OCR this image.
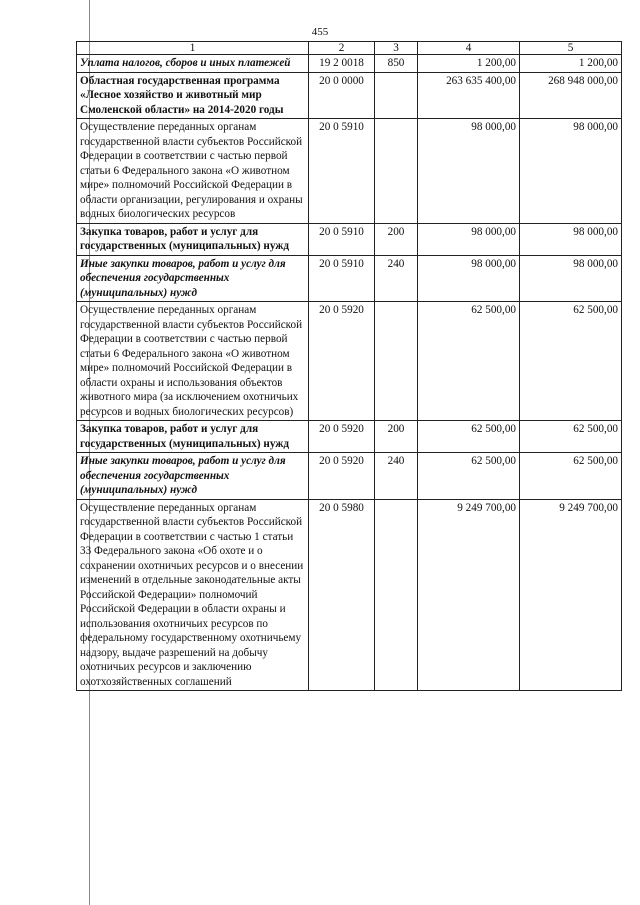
455
1	2	3	4	5
Уплата налогов, сборов и иных платежей	19 2 0018	850	1 200,00	1 200,00
Областная государственная программа «Лесное хозяйство и животный мир Смоленской области» на 2014-2020 годы	20 0 0000		263 635 400,00	268 948 000,00
Осуществление переданных органам государственной власти субъектов Российской Федерации в соответствии с частью первой статьи 6 Федерального закона «О животном мире» полномочий Российской Федерации в области организации, регулирования и охраны водных биологических ресурсов	20 0 5910		98 000,00	98 000,00
Закупка товаров, работ и услуг для государственных (муниципальных) нужд	20 0 5910	200	98 000,00	98 000,00
Иные закупки товаров, работ и услуг для обеспечения государственных (муниципальных) нужд	20 0 5910	240	98 000,00	98 000,00
Осуществление переданных органам государственной власти субъектов Российской Федерации в соответствии с частью первой статьи 6 Федерального закона «О животном мире» полномочий Российской Федерации в области охраны и использования объектов животного мира (за исключением охотничьих ресурсов и водных биологических ресурсов)	20 0 5920		62 500,00	62 500,00
Закупка товаров, работ и услуг для государственных (муниципальных) нужд	20 0 5920	200	62 500,00	62 500,00
Иные закупки товаров, работ и услуг для обеспечения государственных (муниципальных) нужд	20 0 5920	240	62 500,00	62 500,00
Осуществление переданных органам государственной власти субъектов Российской Федерации в соответствии с частью 1 статьи 33 Федерального закона «Об охоте и о сохранении охотничьих ресурсов и о внесении изменений в отдельные законодательные акты Российской Федерации» полномочий Российской Федерации в области охраны и использования охотничьих ресурсов по федеральному государственному охотничьему надзору, выдаче разрешений на добычу охотничьих ресурсов и заключению охотхозяйственных соглашений	20 0 5980		9 249 700,00	9 249 700,00
